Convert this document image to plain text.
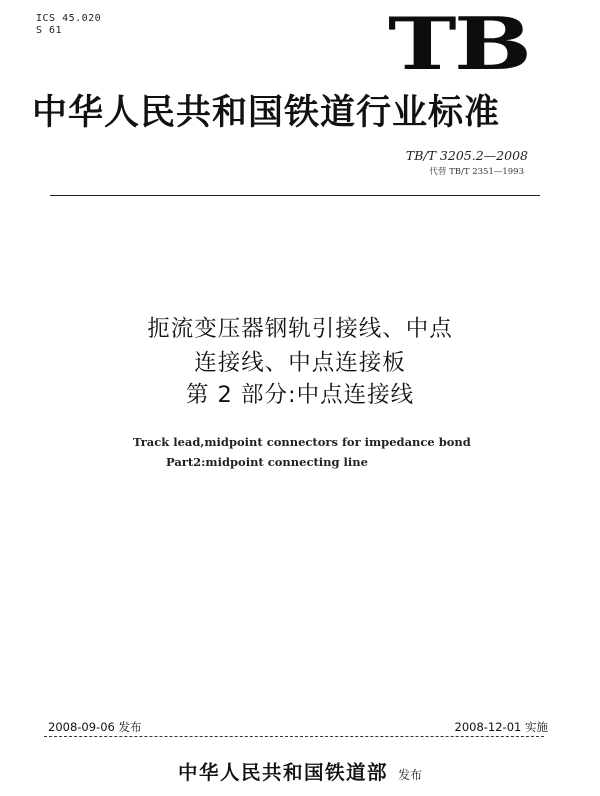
ICS 45.020
S 61	TB
中华人民共和国铁道行业标准
TB/T 3205.2—2008
代替 TB/T 2351—1993
扼流变压器钢轨引接线、中点
连接线、中点连接板
第 2 部分:中点连接线
Track lead,midpoint connectors for impedance bond
Part2:midpoint connecting line
2008-09-06 发布	2008-12-01 实施
中华人民共和国铁道部 发布
